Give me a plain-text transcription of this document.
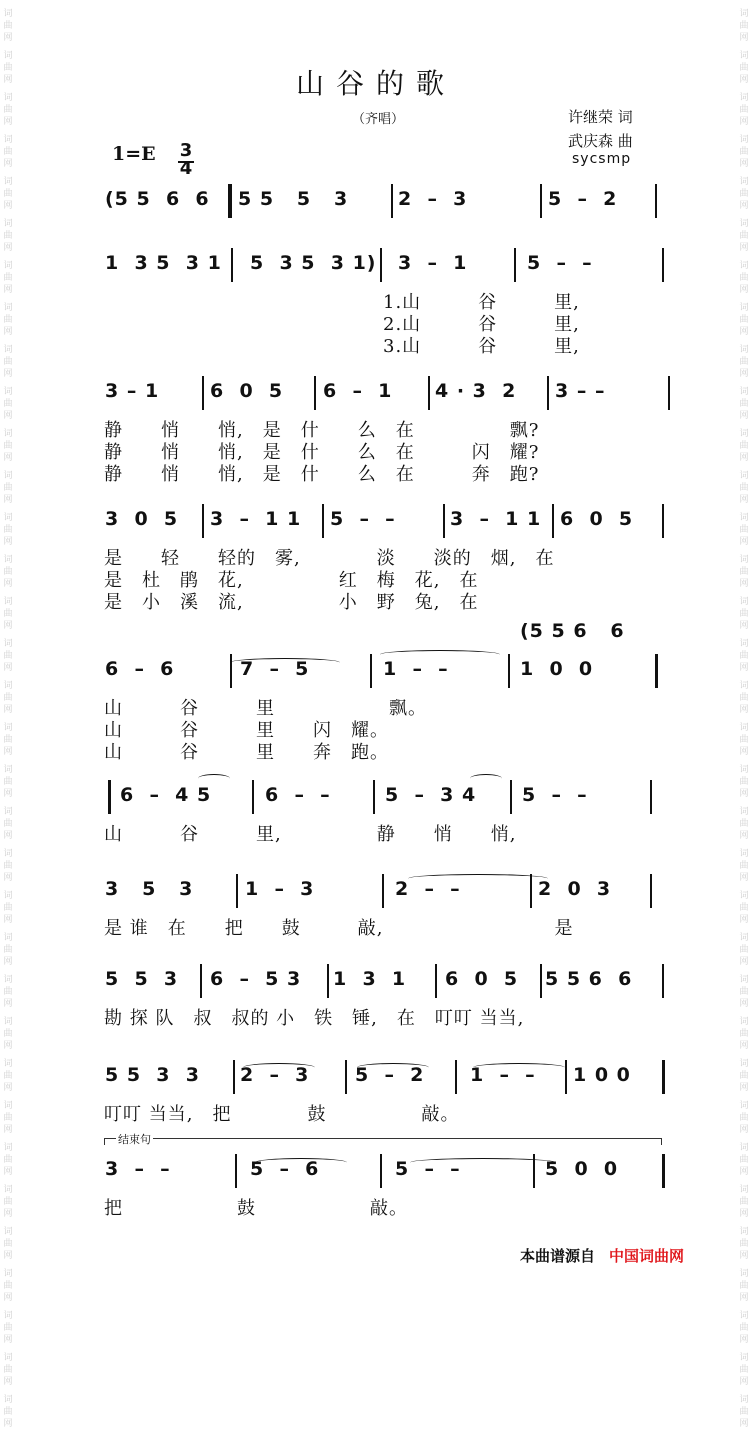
词
曲
网
词
曲
网
词
曲
网
词
曲
网
词
曲
网
词
曲
网
词
曲
网
词
曲
网
词
曲
网
词
曲
网
词
曲
网
词
曲
网
词
曲
网
词
曲
网
词
曲
网
词
曲
网
词
曲
网
词
曲
网
词
曲
网
词
曲
网
词
曲
网
词
曲
网
词
曲
网
词
曲
网
词
曲
网
词
曲
网
词
曲
网
词
曲
网
词
曲
网
词
曲
网
词
曲
网
词
曲
网
词
曲
网
词
曲
网
词
曲
网
词
曲
网
词
曲
网
词
曲
网
词
曲
网
词
曲
网
词
曲
网
词
曲
网
词
曲
网
词
曲
网
词
曲
网
词
曲
网
词
曲
网
词
曲
网
词
曲
网
词
曲
网
词
曲
网
词
曲
网
词
曲
网
词
曲
网
词
曲
网
词
曲
网
词
曲
网
词
曲
网
词
曲
网
词
曲
网
词
曲
网
词
曲
网
词
曲
网
词
曲
网
词
曲
网
词
曲
网
词
曲
网
词
曲
网
山谷的歌
（齐唱）	许继荣 词
武庆森 曲
sycsmp
1=E 3
4
(5 5  6  6 5 5   5   3	2  –  3	5  –  2
1  3 5  3 1 5  3 5  3 1) 3  –  1	5  –  –
1.山　　　谷　　　里,
2.山　　　谷　　　里,
3.山　　　谷　　　里,
3 – 1	6  0  5 6  –  1 4 · 3  2 3 – –
静　　悄　　悄,　是　什　　么　在　　　　　飘?
静　　悄　　悄,　是　什　　么　在　　　闪　耀?
静　　悄　　悄,　是　什　　么　在　　　奔　跑?
3  0  5 3  –  1 1 5  –  –	3  –  1 1 6  0  5
是　　轻　　轻的　雾,　　　　淡　　淡的　烟,　在
是　杜　鹃　花,　　　　　红　梅　花,　在
是　小　溪　流,　　　　　小　野　兔,　在
6  –  6	7  –  5	1  –  –	1  0  0
(5 5 6   6
山　　　谷　　　里　　　　　　飘。
山　　　谷　　　里　　闪　耀。
山　　　谷　　　里　　奔　跑。
6  –  4 5	6  –  –	5  –  3 4 5  –  –
山　　　谷　　　里,　　　　　静　　悄　　悄,
3   5   3	1  –  3	2  –  –	2  0  3
是 谁　在　　把　　鼓　　　敲,　　　　　　　　　是
5  5  3 6  –  5 3 1  3  1 6  0  5 5 5 6  6
勘 探 队　叔　叔的 小　铁　锤,　在　叮叮 当当,
5 5  3  3 2  –  3 5  –  2 1  –  – 1 0 0
叮叮 当当,　把　　　　鼓　　　　　敲。
3  –  –	5  –  6	5  –  –	5  0  0
结束句
把　　　　　　鼓　　　　　　敲。
本曲谱源自 中国词曲网
